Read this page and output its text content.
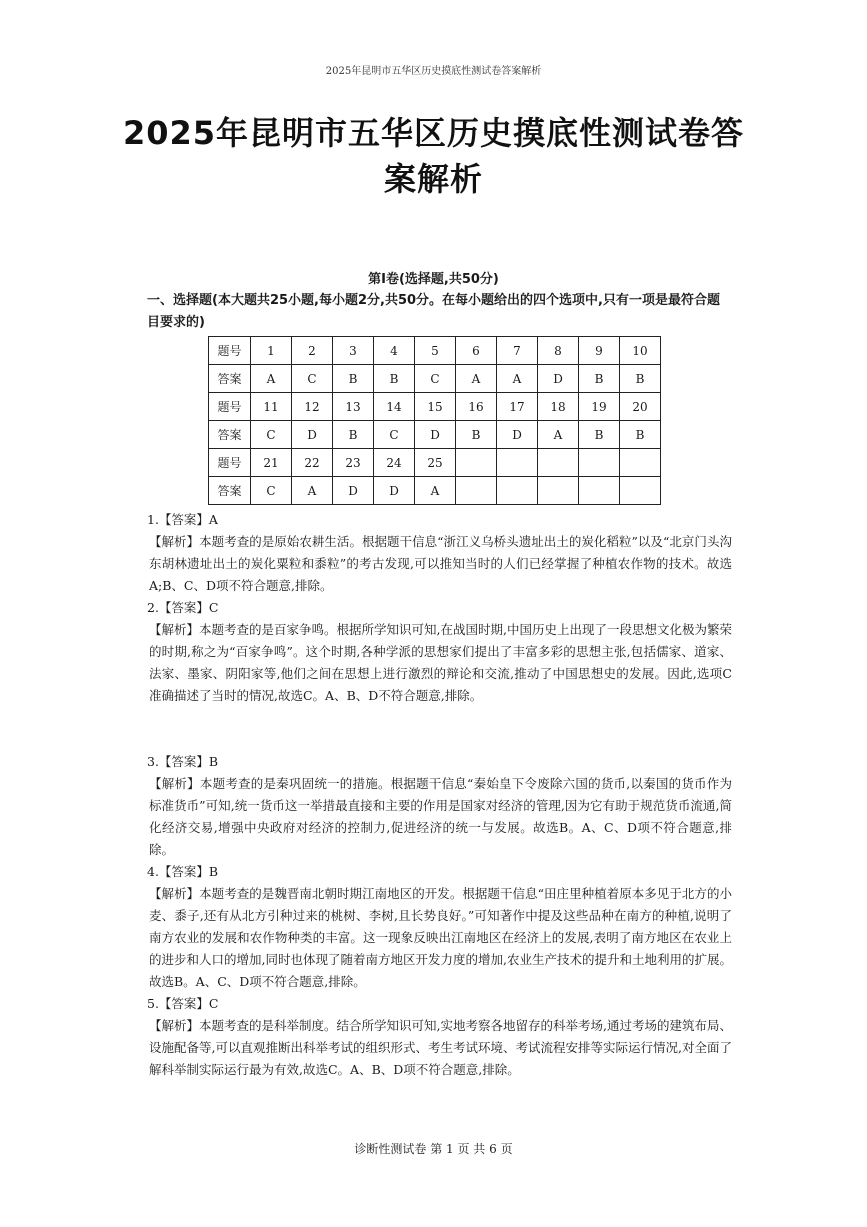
2025年昆明市五华区历史摸底性测试卷答案解析
2025年昆明市五华区历史摸底性测试卷答案解析
第Ⅰ卷(选择题,共50分)
一、选择题(本大题共25小题,每小题2分,共50分。在每小题给出的四个选项中,只有一项是最符合题目要求的)
题号	1	2	3	4	5	6	7	8	9	10
答案	A	C	B	B	C	A	A	D	B	B
题号	11	12	13	14	15	16	17	18	19	20
答案	C	D	B	C	D	B	D	A	B	B
题号	21	22	23	24	25					
答案	C	A	D	D	A					
1.【答案】A
【解析】本题考查的是原始农耕生活。根据题干信息“浙江义乌桥头遗址出土的炭化稻粒”以及“北京门头沟东胡林遗址出土的炭化粟粒和黍粒”的考古发现,可以推知当时的人们已经掌握了种植农作物的技术。故选A;B、C、D项不符合题意,排除。
2.【答案】C
【解析】本题考查的是百家争鸣。根据所学知识可知,在战国时期,中国历史上出现了一段思想文化极为繁荣的时期,称之为“百家争鸣”。这个时期,各种学派的思想家们提出了丰富多彩的思想主张,包括儒家、道家、法家、墨家、阴阳家等,他们之间在思想上进行激烈的辩论和交流,推动了中国思想史的发展。因此,选项C准确描述了当时的情况,故选C。A、B、D不符合题意,排除。
3.【答案】B
【解析】本题考查的是秦巩固统一的措施。根据题干信息“秦始皇下令废除六国的货币,以秦国的货币作为标准货币”可知,统一货币这一举措最直接和主要的作用是国家对经济的管理,因为它有助于规范货币流通,简化经济交易,增强中央政府对经济的控制力,促进经济的统一与发展。故选B。A、C、D项不符合题意,排除。
4.【答案】B
【解析】本题考查的是魏晋南北朝时期江南地区的开发。根据题干信息“田庄里种植着原本多见于北方的小麦、黍子,还有从北方引种过来的桃树、李树,且长势良好。”可知著作中提及这些品种在南方的种植,说明了南方农业的发展和农作物种类的丰富。这一现象反映出江南地区在经济上的发展,表明了南方地区在农业上的进步和人口的增加,同时也体现了随着南方地区开发力度的增加,农业生产技术的提升和土地利用的扩展。故选B。A、C、D项不符合题意,排除。
5.【答案】C
【解析】本题考查的是科举制度。结合所学知识可知,实地考察各地留存的科举考场,通过考场的建筑布局、设施配备等,可以直观推断出科举考试的组织形式、考生考试环境、考试流程安排等实际运行情况,对全面了解科举制实际运行最为有效,故选C。A、B、D项不符合题意,排除。
诊断性测试卷 第 1 页 共 6 页
